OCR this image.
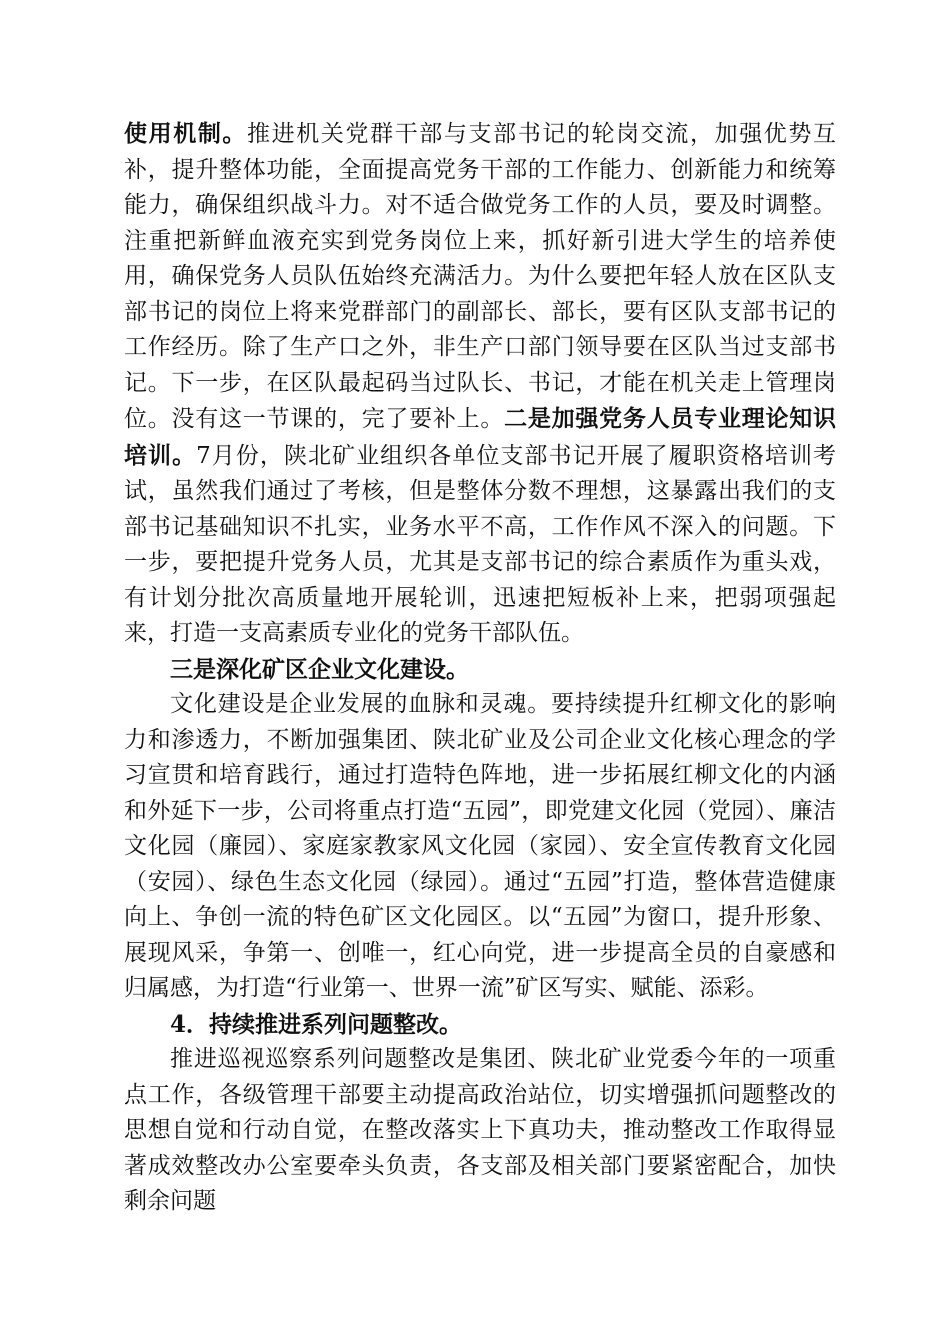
使用机制。推进机关党群干部与支部书记的轮岗交流，加强优势互补，提升整体功能，全面提高党务干部的工作能力、创新能力和统筹能力，确保组织战斗力。对不适合做党务工作的人员，要及时调整。注重把新鲜血液充实到党务岗位上来，抓好新引进大学生的培养使用，确保党务人员队伍始终充满活力。为什么要把年轻人放在区队支部书记的岗位上将来党群部门的副部长、部长，要有区队支部书记的工作经历。除了生产口之外，非生产口部门领导要在区队当过支部书记。下一步，在区队最起码当过队长、书记，才能在机关走上管理岗位。没有这一节课的，完了要补上。二是加强党务人员专业理论知识培训。7月份，陕北矿业组织各单位支部书记开展了履职资格培训考试，虽然我们通过了考核，但是整体分数不理想，这暴露出我们的支部书记基础知识不扎实，业务水平不高，工作作风不深入的问题。下一步，要把提升党务人员，尤其是支部书记的综合素质作为重头戏，有计划分批次高质量地开展轮训，迅速把短板补上来，把弱项强起来，打造一支高素质专业化的党务干部队伍。

三是深化矿区企业文化建设。

文化建设是企业发展的血脉和灵魂。要持续提升红柳文化的影响力和渗透力，不断加强集团、陕北矿业及公司企业文化核心理念的学习宣贯和培育践行，通过打造特色阵地，进一步拓展红柳文化的内涵和外延下一步，公司将重点打造“五园”，即党建文化园（党园）、廉洁文化园（廉园）、家庭家教家风文化园（家园）、安全宣传教育文化园（安园）、绿色生态文化园（绿园）。通过“五园”打造，整体营造健康向上、争创一流的特色矿区文化园区。以“五园”为窗口，提升形象、展现风采，争第一、创唯一，红心向党，进一步提高全员的自豪感和归属感，为打造“行业第一、世界一流”矿区写实、赋能、添彩。

4．持续推进系列问题整改。

推进巡视巡察系列问题整改是集团、陕北矿业党委今年的一项重点工作，各级管理干部要主动提高政治站位，切实增强抓问题整改的思想自觉和行动自觉，在整改落实上下真功夫，推动整改工作取得显著成效整改办公室要牵头负责，各支部及相关部门要紧密配合，加快剩余问题
